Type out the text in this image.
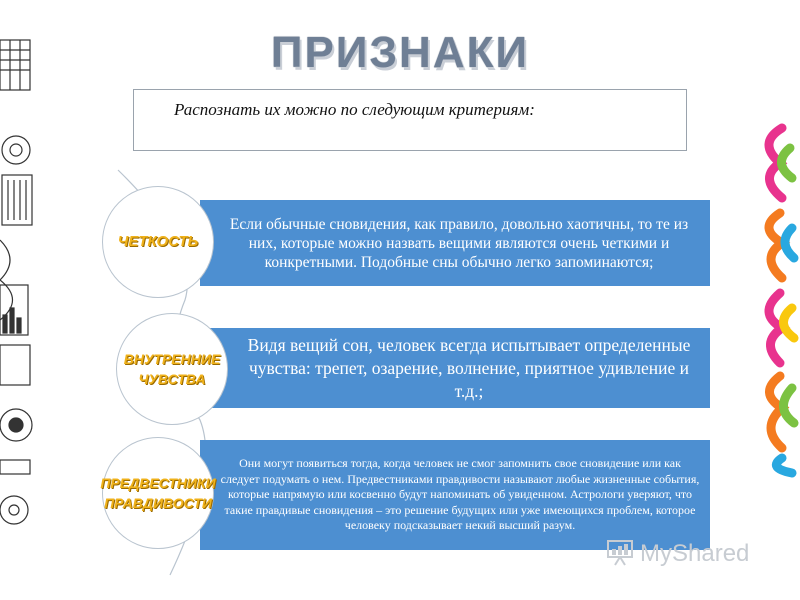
ПРИЗНАКИ
Распознать их можно по следующим критериям:
Если обычные сновидения, как правило, довольно хаотичны, то те из них, которые можно назвать вещими являются очень четкими и конкретными. Подобные сны обычно легко запоминаются;
Видя вещий сон, человек всегда испытывает определенные чувства: трепет, озарение, волнение, приятное удивление и т.д.;
Они могут появиться тогда, когда человек не смог запомнить свое сновидение или как следует подумать о нем. Предвестниками правдивости называют любые жизненные события, которые напрямую или косвенно будут напоминать об увиденном. Астрологи уверяют, что такие правдивые сновидения – это решение будущих или уже имеющихся проблем, которое человеку подсказывает некий высший разум.
ЧЕТКОСТЬ
ВНУТРЕННИЕ
ЧУВСТВА
ПРЕДВЕСТНИКИ
ПРАВДИВОСТИ
MyShared
